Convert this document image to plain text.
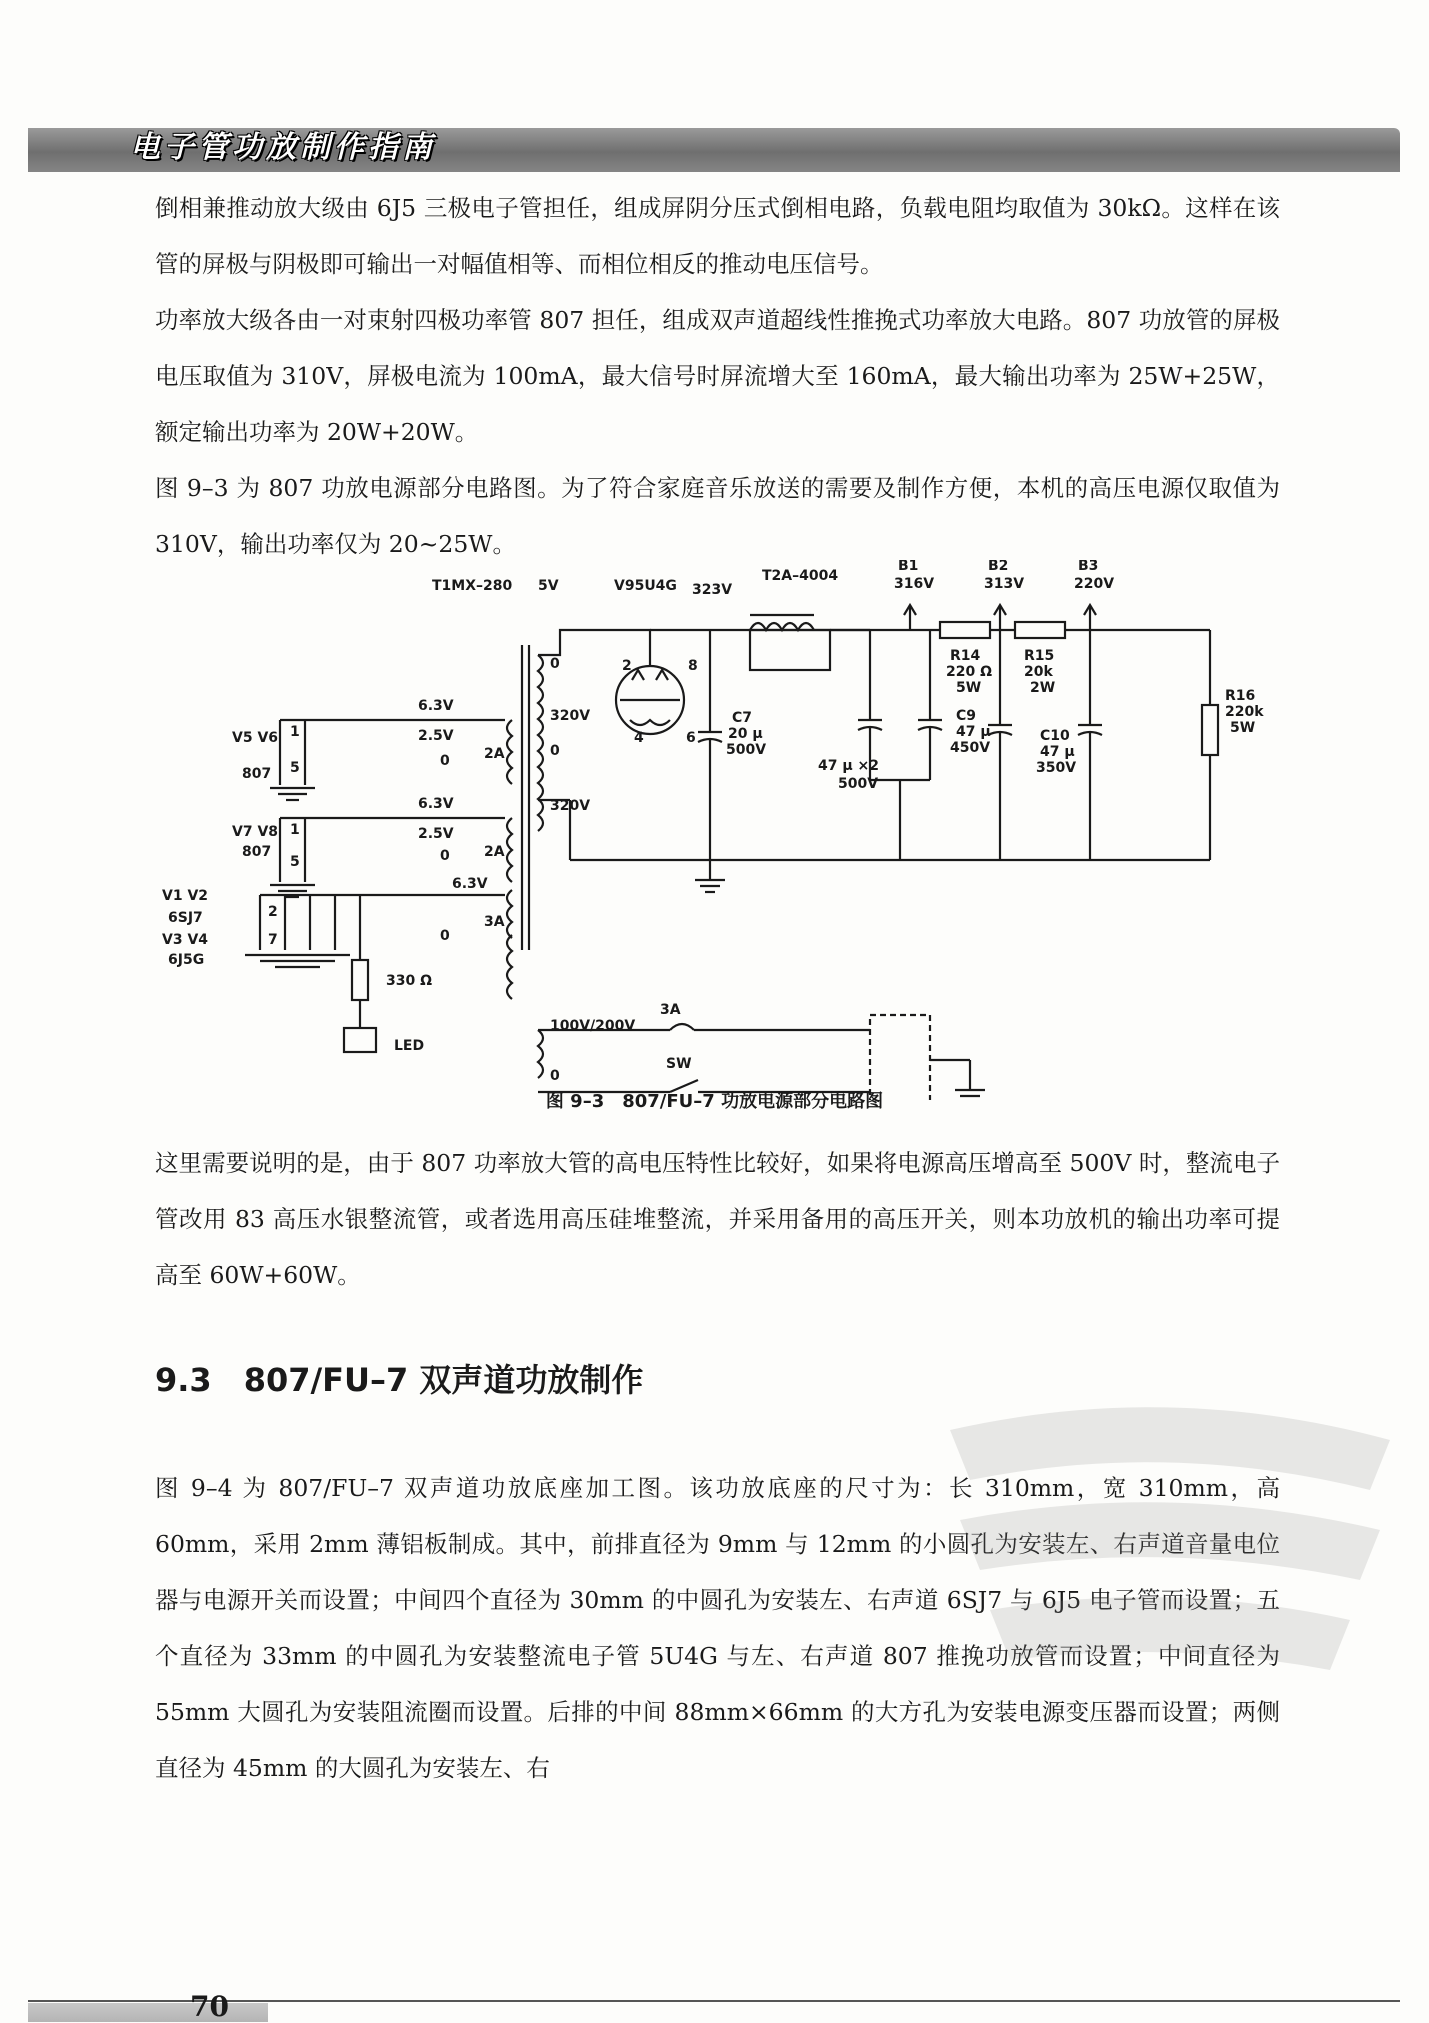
电子管功放制作指南

倒相兼推动放大级由 6J5 三极电子管担任，组成屏阴分压式倒相电路，负载电阻均取值为 30kΩ。这样在该管的屏极与阴极即可输出一对幅值相等、而相位相反的推动电压信号。

功率放大级各由一对束射四极功率管 807 担任，组成双声道超线性推挽式功率放大电路。807 功放管的屏极电压取值为 310V，屏极电流为 100mA，最大信号时屏流增大至 160mA，最大输出功率为 25W+25W，额定输出功率为 20W+20W。

图 9–3 为 807 功放电源部分电路图。为了符合家庭音乐放送的需要及制作方便，本机的高压电源仅取值为 310V，输出功率仅为 20~25W。

T1MX–280 5V	V95U4G 323V
T2A–4004
B1
316V
B2
313V
B3
220V
R14
220 Ω
5W
R15
20k
2W	R16
220k
5W
C7
20 μ
500V
47 μ ×2
500V
C9
47 μ
450V
C10
47 μ
350V
V5 V6
807
V7 V8
807
V1 V2
6SJ7
V3 V4
6J5G
6.3V
2.5V
0 2A
6.3V
2.5V
0 2A
6.3V
0
3A
0
320V
0
320V
100V/200V
0
3A
SW
330 Ω
LED
2	8
4	6
1
5
1
5
2
7
图 9–3　807/FU–7 功放电源部分电路图

这里需要说明的是，由于 807 功率放大管的高电压特性比较好，如果将电源高压增高至 500V 时，整流电子管改用 83 高压水银整流管，或者选用高压硅堆整流，并采用备用的高压开关，则本功放机的输出功率可提高至 60W+60W。

9.3　807/FU–7 双声道功放制作

图 9–4 为 807/FU–7 双声道功放底座加工图。该功放底座的尺寸为：长 310mm，宽 310mm，高 60mm，采用 2mm 薄铝板制成。其中，前排直径为 9mm 与 12mm 的小圆孔为安装左、右声道音量电位器与电源开关而设置；中间四个直径为 30mm 的中圆孔为安装左、右声道 6SJ7 与 6J5 电子管而设置；五个直径为 33mm 的中圆孔为安装整流电子管 5U4G 与左、右声道 807 推挽功放管而设置；中间直径为 55mm 大圆孔为安装阻流圈而设置。后排的中间 88mm×66mm 的大方孔为安装电源变压器而设置；两侧直径为 45mm 的大圆孔为安装左、右

70
